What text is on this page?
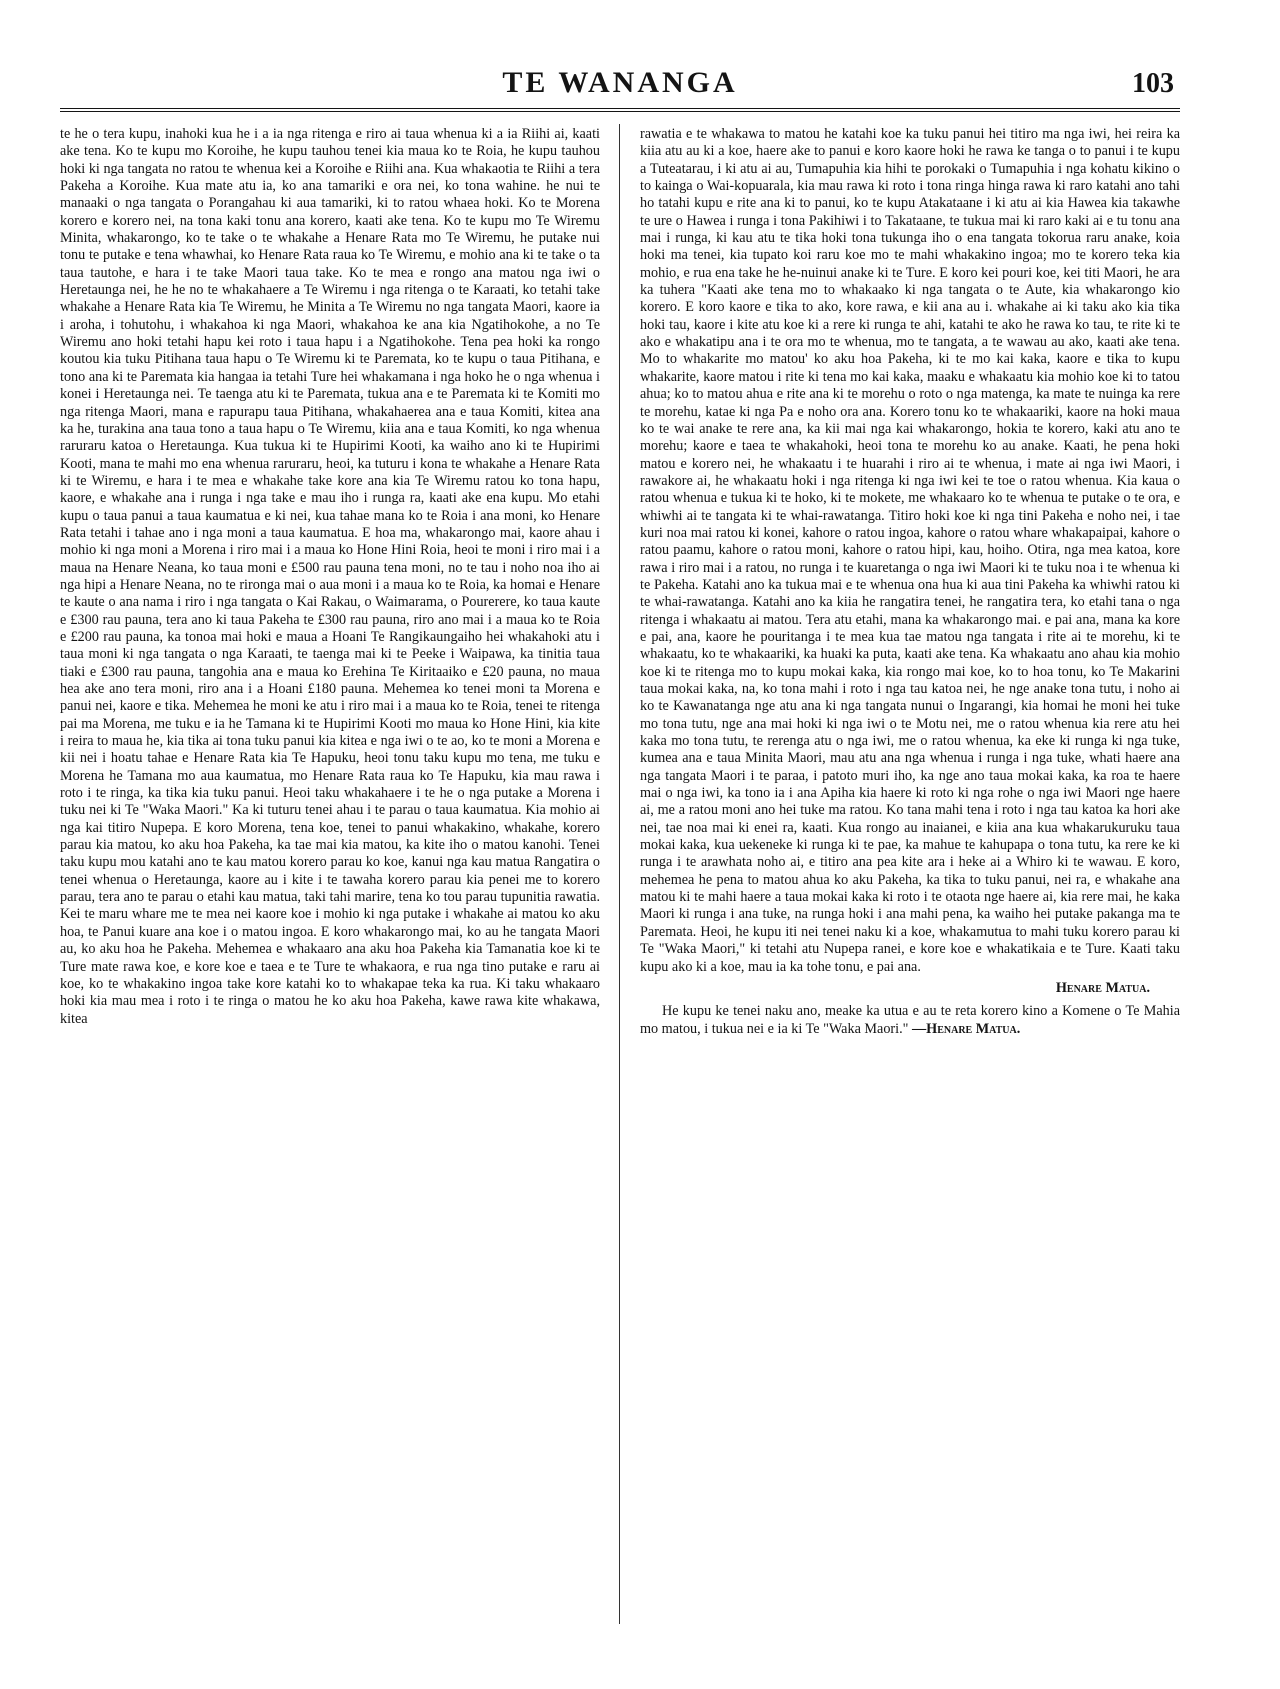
TE WANANGA	103

te he o tera kupu, inahoki kua he i a ia nga ritenga e riro ai taua whenua ki a ia Riihi ai, kaati ake tena. Ko te kupu mo Koroihe, he kupu tauhou tenei kia maua ko te Roia, he kupu tauhou hoki ki nga tangata no ratou te whenua kei a Koroihe e Riihi ana. Kua whakaotia te Riihi a tera Pakeha a Koroihe. Kua mate atu ia, ko ana tamariki e ora nei, ko tona wahine. he nui te manaaki o nga tangata o Porangahau ki aua tamariki, ki to ratou whaea hoki. Ko te Morena korero e korero nei, na tona kaki tonu ana korero, kaati ake tena. Ko te kupu mo Te Wiremu Minita, whakarongo, ko te take o te whakahe a Henare Rata mo Te Wiremu, he putake nui tonu te putake e tena whawhai, ko Henare Rata raua ko Te Wiremu, e mohio ana ki te take o ta taua tautohe, e hara i te take Maori taua take. Ko te mea e rongo ana matou nga iwi o Heretaunga nei, he he no te whakahaere a Te Wiremu i nga ritenga o te Karaati, ko tetahi take whakahe a Henare Rata kia Te Wiremu, he Minita a Te Wiremu no nga tangata Maori, kaore ia i aroha, i tohutohu, i whakahoa ki nga Maori, whakahoa ke ana kia Ngatihokohe, a no Te Wiremu ano hoki tetahi hapu kei roto i taua hapu i a Ngatihokohe. Tena pea hoki ka rongo koutou kia tuku Pitihana taua hapu o Te Wiremu ki te Paremata, ko te kupu o taua Pitihana, e tono ana ki te Paremata kia hangaa ia tetahi Ture hei whakamana i nga hoko he o nga whenua i konei i Heretaunga nei. Te taenga atu ki te Paremata, tukua ana e te Paremata ki te Komiti mo nga ritenga Maori, mana e rapurapu taua Pitihana, whakahaerea ana e taua Komiti, kitea ana ka he, turakina ana taua tono a taua hapu o Te Wiremu, kiia ana e taua Komiti, ko nga whenua raruraru katoa o Heretaunga. Kua tukua ki te Hupirimi Kooti, ka waiho ano ki te Hupirimi Kooti, mana te mahi mo ena whenua raruraru, heoi, ka tuturu i kona te whakahe a Henare Rata ki te Wiremu, e hara i te mea e whakahe take kore ana kia Te Wiremu ratou ko tona hapu, kaore, e whakahe ana i runga i nga take e mau iho i runga ra, kaati ake ena kupu. Mo etahi kupu o taua panui a taua kaumatua e ki nei, kua tahae mana ko te Roia i ana moni, ko Henare Rata tetahi i tahae ano i nga moni a taua kaumatua. E hoa ma, whakarongo mai, kaore ahau i mohio ki nga moni a Morena i riro mai i a maua ko Hone Hini Roia, heoi te moni i riro mai i a maua na Henare Neana, ko taua moni e £500 rau pauna tena moni, no te tau i noho noa iho ai nga hipi a Henare Neana, no te rironga mai o aua moni i a maua ko te Roia, ka homai e Henare te kaute o ana nama i riro i nga tangata o Kai Rakau, o Waimarama, o Pourerere, ko taua kaute e £300 rau pauna, tera ano ki taua Pakeha te £300 rau pauna, riro ano mai i a maua ko te Roia e £200 rau pauna, ka tonoa mai hoki e maua a Hoani Te Rangikaungaiho hei whakahoki atu i taua moni ki nga tangata o nga Karaati, te taenga mai ki te Peeke i Waipawa, ka tinitia taua tiaki e £300 rau pauna, tangohia ana e maua ko Erehina Te Kiritaaiko e £20 pauna, no maua hea ake ano tera moni, riro ana i a Hoani £180 pauna. Mehemea ko tenei moni ta Morena e panui nei, kaore e tika. Mehemea he moni ke atu i riro mai i a maua ko te Roia, tenei te ritenga pai ma Morena, me tuku e ia he Tamana ki te Hupirimi Kooti mo maua ko Hone Hini, kia kite i reira to maua he, kia tika ai tona tuku panui kia kitea e nga iwi o te ao, ko te moni a Morena e kii nei i hoatu tahae e Henare Rata kia Te Hapuku, heoi tonu taku kupu mo tena, me tuku e Morena he Tamana mo aua kaumatua, mo Henare Rata raua ko Te Hapuku, kia mau rawa i roto i te ringa, ka tika kia tuku panui. Heoi taku whakahaere i te he o nga putake a Morena i tuku nei ki Te "Waka Maori." Ka ki tuturu tenei ahau i te parau o taua kaumatua. Kia mohio ai nga kai titiro Nupepa. E koro Morena, tena koe, tenei to panui whakakino, whakahe, korero parau kia matou, ko aku hoa Pakeha, ka tae mai kia matou, ka kite iho o matou kanohi. Tenei taku kupu mou katahi ano te kau matou korero parau ko koe, kanui nga kau matua Rangatira o tenei whenua o Heretaunga, kaore au i kite i te tawaha korero parau kia penei me to korero parau, tera ano te parau o etahi kau matua, taki tahi marire, tena ko tou parau tupunitia rawatia. Kei te maru whare me te mea nei kaore koe i mohio ki nga putake i whakahe ai matou ko aku hoa, te Panui kuare ana koe i o matou ingoa. E koro whakarongo mai, ko au he tangata Maori au, ko aku hoa he Pakeha. Mehemea e whakaaro ana aku hoa Pakeha kia Tamanatia koe ki te Ture mate rawa koe, e kore koe e taea e te Ture te whakaora, e rua nga tino putake e raru ai koe, ko te whakakino ingoa take kore katahi ko to whakapae teka ka rua. Ki taku whakaaro hoki kia mau mea i roto i te ringa o matou he ko aku hoa Pakeha, kawe rawa kite whakawa, kitea

rawatia e te whakawa to matou he katahi koe ka tuku panui hei titiro ma nga iwi, hei reira ka kiia atu au ki a koe, haere ake to panui e koro kaore hoki he rawa ke tanga o to panui i te kupu a Tuteatarau, i ki atu ai au, Tumapuhia kia hihi te porokaki o Tumapuhia i nga kohatu kikino o to kainga o Wai-kopuarala, kia mau rawa ki roto i tona ringa hinga rawa ki raro katahi ano tahi ho tatahi kupu e rite ana ki to panui, ko te kupu Atakataane i ki atu ai kia Hawea kia takawhe te ure o Hawea i runga i tona Pakihiwi i to Takataane, te tukua mai ki raro kaki ai e tu tonu ana mai i runga, ki kau atu te tika hoki tona tukunga iho o ena tangata tokorua raru anake, koia hoki ma tenei, kia tupato koi raru koe mo te mahi whakakino ingoa; mo te korero teka kia mohio, e rua ena take he he-nuinui anake ki te Ture. E koro kei pouri koe, kei titi Maori, he ara ka tuhera "Kaati ake tena mo to whakaako ki nga tangata o te Aute, kia whakarongo kio korero. E koro kaore e tika to ako, kore rawa, e kii ana au i. whakahe ai ki taku ako kia tika hoki tau, kaore i kite atu koe ki a rere ki runga te ahi, katahi te ako he rawa ko tau, te rite ki te ako e whakatipu ana i te ora mo te whenua, mo te tangata, a te wawau au ako, kaati ake tena. Mo to whakarite mo matou' ko aku hoa Pakeha, ki te mo kai kaka, kaore e tika to kupu whakarite, kaore matou i rite ki tena mo kai kaka, maaku e whakaatu kia mohio koe ki to tatou ahua; ko to matou ahua e rite ana ki te morehu o roto o nga matenga, ka mate te nuinga ka rere te morehu, katae ki nga Pa e noho ora ana. Korero tonu ko te whakaariki, kaore na hoki maua ko te wai anake te rere ana, ka kii mai nga kai whakarongo, hokia te korero, kaki atu ano te morehu; kaore e taea te whakahoki, heoi tona te morehu ko au anake. Kaati, he pena hoki matou e korero nei, he whakaatu i te huarahi i riro ai te whenua, i mate ai nga iwi Maori, i rawakore ai, he whakaatu hoki i nga ritenga ki nga iwi kei te toe o ratou whenua. Kia kaua o ratou whenua e tukua ki te hoko, ki te mokete, me whakaaro ko te whenua te putake o te ora, e whiwhi ai te tangata ki te whai-rawatanga. Titiro hoki koe ki nga tini Pakeha e noho nei, i tae kuri noa mai ratou ki konei, kahore o ratou ingoa, kahore o ratou whare whakapaipai, kahore o ratou paamu, kahore o ratou moni, kahore o ratou hipi, kau, hoiho. Otira, nga mea katoa, kore rawa i riro mai i a ratou, no runga i te kuaretanga o nga iwi Maori ki te tuku noa i te whenua ki te Pakeha. Katahi ano ka tukua mai e te whenua ona hua ki aua tini Pakeha ka whiwhi ratou ki te whai-rawatanga. Katahi ano ka kiia he rangatira tenei, he rangatira tera, ko etahi tana o nga ritenga i whakaatu ai matou. Tera atu etahi, mana ka whakarongo mai. e pai ana, mana ka kore e pai, ana, kaore he pouritanga i te mea kua tae matou nga tangata i rite ai te morehu, ki te whakaatu, ko te whakaariki, ka huaki ka puta, kaati ake tena. Ka whakaatu ano ahau kia mohio koe ki te ritenga mo to kupu mokai kaka, kia rongo mai koe, ko to hoa tonu, ko Te Makarini taua mokai kaka, na, ko tona mahi i roto i nga tau katoa nei, he nge anake tona tutu, i noho ai ko te Kawanatanga nge atu ana ki nga tangata nunui o Ingarangi, kia homai he moni hei tuke mo tona tutu, nge ana mai hoki ki nga iwi o te Motu nei, me o ratou whenua kia rere atu hei kaka mo tona tutu, te rerenga atu o nga iwi, me o ratou whenua, ka eke ki runga ki nga tuke, kumea ana e taua Minita Maori, mau atu ana nga whenua i runga i nga tuke, whati haere ana nga tangata Maori i te paraa, i patoto muri iho, ka nge ano taua mokai kaka, ka roa te haere mai o nga iwi, ka tono ia i ana Apiha kia haere ki roto ki nga rohe o nga iwi Maori nge haere ai, me a ratou moni ano hei tuke ma ratou. Ko tana mahi tena i roto i nga tau katoa ka hori ake nei, tae noa mai ki enei ra, kaati. Kua rongo au inaianei, e kiia ana kua whakarukuruku taua mokai kaka, kua uekeneke ki runga ki te pae, ka mahue te kahupapa o tona tutu, ka rere ke ki runga i te arawhata noho ai, e titiro ana pea kite ara i heke ai a Whiro ki te wawau. E koro, mehemea he pena to matou ahua ko aku Pakeha, ka tika to tuku panui, nei ra, e whakahe ana matou ki te mahi haere a taua mokai kaka ki roto i te otaota nge haere ai, kia rere mai, he kaka Maori ki runga i ana tuke, na runga hoki i ana mahi pena, ka waiho hei putake pakanga ma te Paremata. Heoi, he kupu iti nei tenei naku ki a koe, whakamutua to mahi tuku korero parau ki Te "Waka Maori," ki tetahi atu Nupepa ranei, e kore koe e whakatikaia e te Ture. Kaati taku kupu ako ki a koe, mau ia ka tohe tonu, e pai ana.

Henare Matua.

He kupu ke tenei naku ano, meake ka utua e au te reta korero kino a Komene o Te Mahia mo matou, i tukua nei e ia ki Te "Waka Maori." —Henare Matua.
